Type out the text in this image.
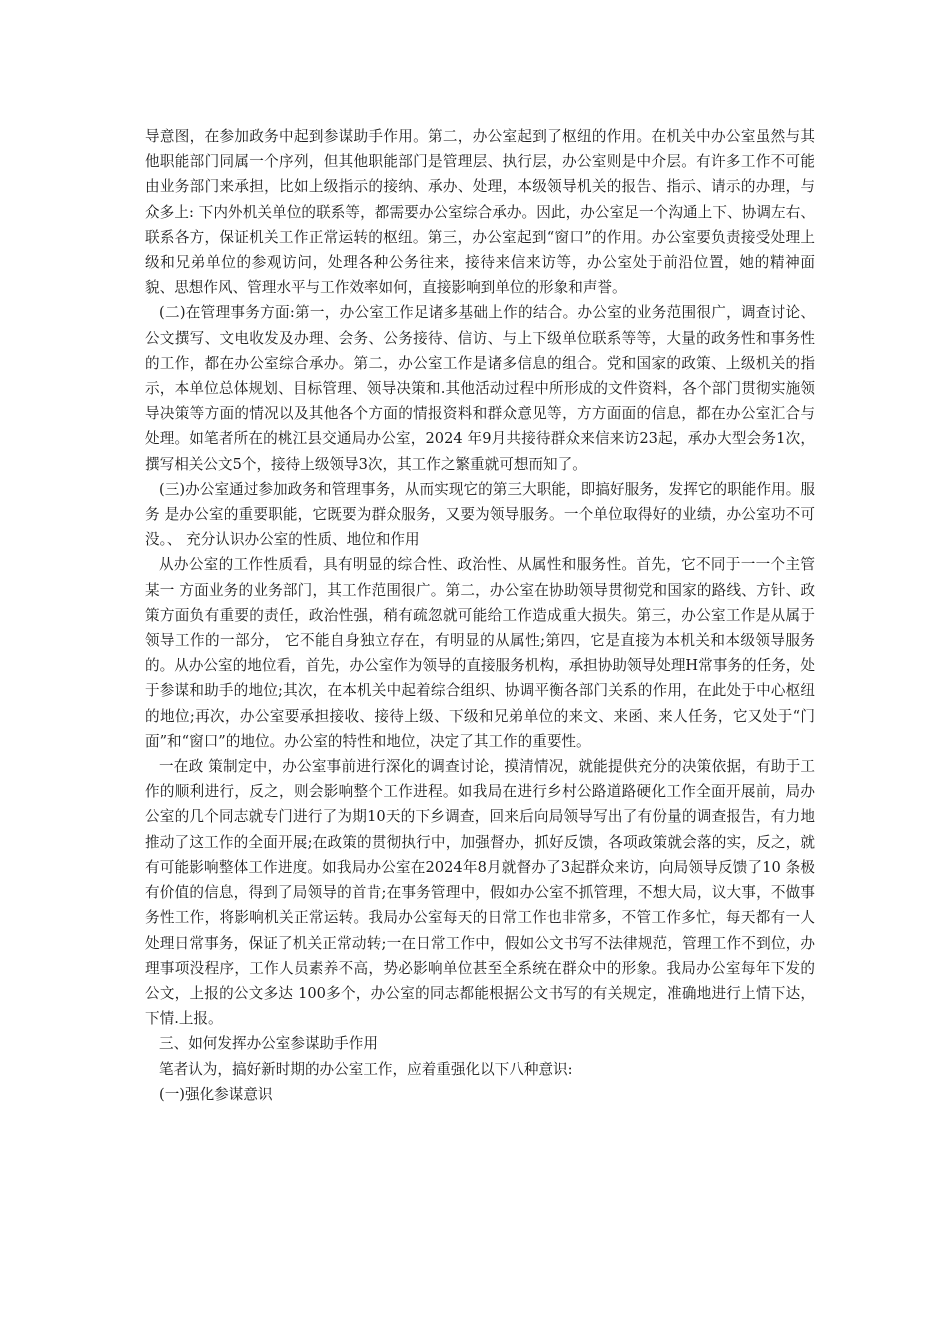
导意图，在参加政务中起到参谋助手作用。第二，办公室起到了枢纽的作用。在机关中办公室虽然与其他职能部门同属一个序列，但其他职能部门是管理层、执行层，办公室则是中介层。有许多工作不可能由业务部门来承担，比如上级指示的接纳、承办、处理，本级领导机关的报告、指示、请示的办理，与众多上: 下内外机关单位的联系等，都需要办公室综合承办。因此，办公室足一个沟通上下、协调左右、联系各方，保证机关工作正常运转的枢纽。第三，办公室起到“窗口”的作用。办公室要负责接受处理上级和兄弟单位的参观访问，处理各种公务往来，接待来信来访等，办公室处于前沿位置，她的精神面貌、思想作风、管理水平与工作效率如何，直接影响到单位的形象和声誉。

(二)在管理事务方面:第一，办公室工作足诸多基础上作的结合。办公室的业务范围很广，调查讨论、公文撰写、文电收发及办理、会务、公务接待、信访、与上下级单位联系等等，大量的政务性和事务性的工作，都在办公室综合承办。第二，办公室工作是诸多信息的组合。党和国家的政策、上级机关的指示，本单位总体规划、目标管理、领导决策和.其他活动过程中所形成的文件资料，各个部门贯彻实施领导决策等方面的情况以及其他各个方面的情报资料和群众意见等，方方面面的信息，都在办公室汇合与处理。如笔者所在的桃江县交通局办公室，2024 年9月共接待群众来信来访23起，承办大型会务1次，撰写相关公文5个，接待上级领导3次，其工作之繁重就可想而知了。

(三)办公室通过参加政务和管理事务，从而实现它的第三大职能，即搞好服务，发挥它的职能作用。服务 是办公室的重要职能，它既要为群众服务，又要为领导服务。一个单位取得好的业绩，办公室功不可没。、 充分认识办公室的性质、地位和作用

从办公室的工作性质看，具有明显的综合性、政治性、从属性和服务性。首先，它不同于一一个主管某一 方面业务的业务部门，其工作范围很广。第二，办公室在协助领导贯彻党和国家的路线、方针、政策方面负有重要的责任，政治性强，稍有疏忽就可能给工作造成重大损失。第三，办公室工作是从属于领导工作的一部分， 它不能自身独立存在，有明显的从属性;第四，它是直接为本机关和本级领导服务的。从办公室的地位看，首先，办公室作为领导的直接服务机构，承担协助领导处理H常事务的任务，处于参谋和助手的地位;其次，在本机关中起着综合组织、协调平衡各部门关系的作用，在此处于中心枢纽的地位;再次，办公室要承担接收、接待上级、下级和兄弟单位的来文、来函、来人任务，它又处于“门面”和“窗口”的地位。办公室的特性和地位，决定了其工作的重要性。

一在政 策制定中，办公室事前进行深化的调查讨论，摸清情况，就能提供充分的决策依据，有助于工作的顺利进行，反之，则会影响整个工作进程。如我局在进行乡村公路道路硬化工作全面开展前，局办公室的几个同志就专门进行了为期10天的下乡调查，回来后向局领导写出了有份量的调查报告，有力地推动了这工作的全面开展;在政策的贯彻执行中，加强督办，抓好反馈，各项政策就会落的实，反之，就有可能影响整体工作进度。如我局办公室在2024年8月就督办了3起群众来访，向局领导反馈了10 条极有价值的信息，得到了局领导的首肯;在事务管理中，假如办公室不抓管理，不想大局，议大事，不做事务性工作，将影响机关正常运转。我局办公室每天的日常工作也非常多，不管工作多忙，每天都有一人处理日常事务，保证了机关正常动转;一在日常工作中，假如公文书写不法律规范，管理工作不到位，办理事项没程序，工作人员素养不高，势必影响单位甚至全系统在群众中的形象。我局办公室每年下发的公文，上报的公文多达 100多个，办公室的同志都能根据公文书写的有关规定，准确地进行上情下达，下情.上报。

三、如何发挥办公室参谋助手作用

笔者认为，搞好新时期的办公室工作，应着重强化以下八种意识:

(一)强化参谋意识
